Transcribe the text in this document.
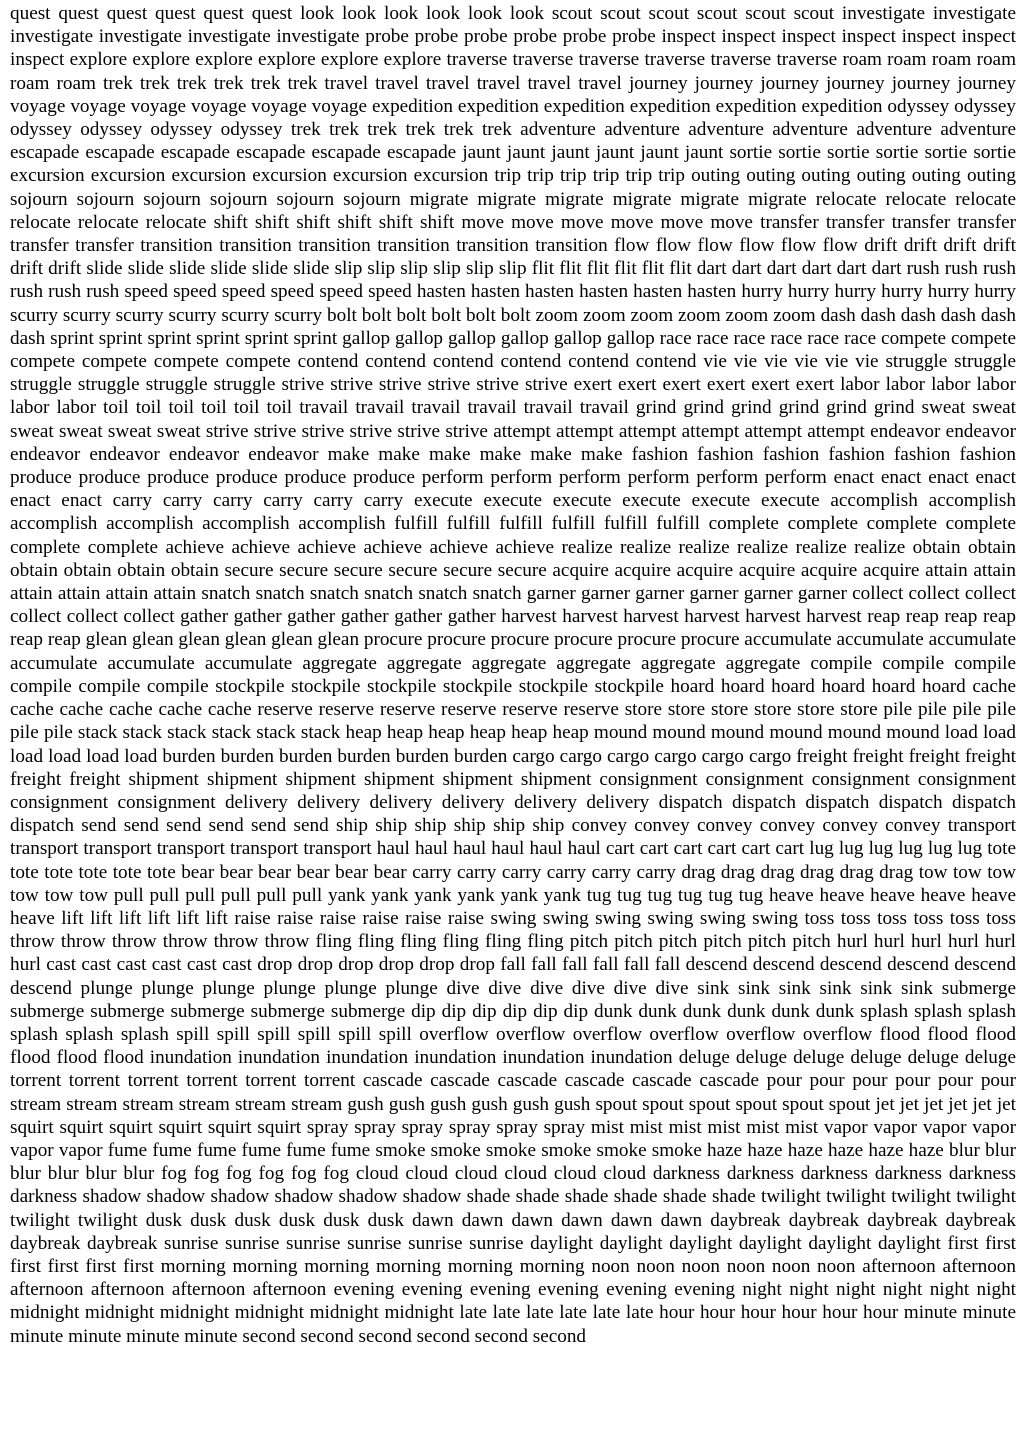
quest quest quest quest quest quest look look look look look look scout scout scout scout scout scout investigate investigate investigate investigate investigate investigate probe probe probe probe probe probe inspect inspect inspect inspect inspect inspect inspect explore explore explore explore explore explore traverse traverse traverse traverse traverse traverse roam roam roam roam roam roam trek trek trek trek trek trek travel travel travel travel travel travel journey journey journey journey journey journey voyage voyage voyage voyage voyage voyage expedition expedition expedition expedition expedition expedition odyssey odyssey odyssey odyssey odyssey odyssey trek trek trek trek trek trek adventure adventure adventure adventure adventure adventure escapade escapade escapade escapade escapade escapade jaunt jaunt jaunt jaunt jaunt jaunt sortie sortie sortie sortie sortie sortie excursion excursion excursion excursion excursion excursion trip trip trip trip trip trip outing outing outing outing outing outing sojourn sojourn sojourn sojourn sojourn sojourn migrate migrate migrate migrate migrate migrate relocate relocate relocate relocate relocate relocate shift shift shift shift shift shift move move move move move move transfer transfer transfer transfer transfer transfer transition transition transition transition transition transition flow flow flow flow flow flow drift drift drift drift drift drift slide slide slide slide slide slide slip slip slip slip slip slip flit flit flit flit flit flit dart dart dart dart dart dart rush rush rush rush rush rush speed speed speed speed speed speed hasten hasten hasten hasten hasten hasten hurry hurry hurry hurry hurry hurry scurry scurry scurry scurry scurry scurry bolt bolt bolt bolt bolt bolt zoom zoom zoom zoom zoom zoom dash dash dash dash dash dash sprint sprint sprint sprint sprint sprint gallop gallop gallop gallop gallop gallop race race race race race race compete compete compete compete compete compete contend contend contend contend contend contend vie vie vie vie vie vie struggle struggle struggle struggle struggle struggle strive strive strive strive strive strive exert exert exert exert exert exert labor labor labor labor labor labor toil toil toil toil toil toil travail travail travail travail travail travail grind grind grind grind grind grind sweat sweat sweat sweat sweat sweat strive strive strive strive strive strive attempt attempt attempt attempt attempt attempt endeavor endeavor endeavor endeavor endeavor endeavor make make make make make make fashion fashion fashion fashion fashion fashion produce produce produce produce produce produce perform perform perform perform perform perform enact enact enact enact enact enact carry carry carry carry carry carry execute execute execute execute execute execute accomplish accomplish accomplish accomplish accomplish accomplish fulfill fulfill fulfill fulfill fulfill fulfill complete complete complete complete complete complete achieve achieve achieve achieve achieve achieve realize realize realize realize realize realize obtain obtain obtain obtain obtain obtain secure secure secure secure secure secure acquire acquire acquire acquire acquire acquire attain attain attain attain attain attain snatch snatch snatch snatch snatch snatch garner garner garner garner garner garner collect collect collect collect collect collect gather gather gather gather gather gather harvest harvest harvest harvest harvest harvest reap reap reap reap reap reap glean glean glean glean glean glean procure procure procure procure procure procure accumulate accumulate accumulate accumulate accumulate accumulate aggregate aggregate aggregate aggregate aggregate aggregate compile compile compile compile compile compile stockpile stockpile stockpile stockpile stockpile stockpile hoard hoard hoard hoard hoard hoard cache cache cache cache cache cache reserve reserve reserve reserve reserve reserve store store store store store store pile pile pile pile pile pile stack stack stack stack stack stack heap heap heap heap heap heap mound mound mound mound mound mound load load load load load load burden burden burden burden burden burden cargo cargo cargo cargo cargo cargo freight freight freight freight freight freight shipment shipment shipment shipment shipment shipment consignment consignment consignment consignment consignment consignment delivery delivery delivery delivery delivery delivery dispatch dispatch dispatch dispatch dispatch dispatch send send send send send send ship ship ship ship ship ship convey convey convey convey convey convey transport transport transport transport transport transport haul haul haul haul haul haul cart cart cart cart cart cart lug lug lug lug lug lug tote tote tote tote tote tote bear bear bear bear bear bear carry carry carry carry carry carry drag drag drag drag drag drag tow tow tow tow tow tow pull pull pull pull pull pull yank yank yank yank yank yank tug tug tug tug tug tug heave heave heave heave heave heave lift lift lift lift lift lift raise raise raise raise raise raise swing swing swing swing swing swing toss toss toss toss toss toss throw throw throw throw throw throw fling fling fling fling fling fling pitch pitch pitch pitch pitch pitch hurl hurl hurl hurl hurl hurl cast cast cast cast cast cast drop drop drop drop drop drop fall fall fall fall fall fall descend descend descend descend descend descend plunge plunge plunge plunge plunge plunge dive dive dive dive dive dive sink sink sink sink sink sink submerge submerge submerge submerge submerge submerge dip dip dip dip dip dip dunk dunk dunk dunk dunk dunk splash splash splash splash splash splash spill spill spill spill spill spill overflow overflow overflow overflow overflow overflow flood flood flood flood flood flood inundation inundation inundation inundation inundation inundation deluge deluge deluge deluge deluge deluge torrent torrent torrent torrent torrent torrent cascade cascade cascade cascade cascade cascade pour pour pour pour pour pour stream stream stream stream stream stream gush gush gush gush gush gush spout spout spout spout spout spout jet jet jet jet jet jet squirt squirt squirt squirt squirt squirt spray spray spray spray spray spray mist mist mist mist mist mist vapor vapor vapor vapor vapor vapor fume fume fume fume fume fume smoke smoke smoke smoke smoke smoke haze haze haze haze haze haze blur blur blur blur blur blur fog fog fog fog fog fog cloud cloud cloud cloud cloud cloud darkness darkness darkness darkness darkness darkness shadow shadow shadow shadow shadow shadow shade shade shade shade shade shade twilight twilight twilight twilight twilight twilight dusk dusk dusk dusk dusk dusk dawn dawn dawn dawn dawn dawn daybreak daybreak daybreak daybreak daybreak daybreak sunrise sunrise sunrise sunrise sunrise sunrise daylight daylight daylight daylight daylight daylight first first first first first first morning morning morning morning morning morning noon noon noon noon noon noon afternoon afternoon afternoon afternoon afternoon afternoon evening evening evening evening evening evening night night night night night night midnight midnight midnight midnight midnight midnight late late late late late late hour hour hour hour hour hour minute minute minute minute minute minute second second second second second second
